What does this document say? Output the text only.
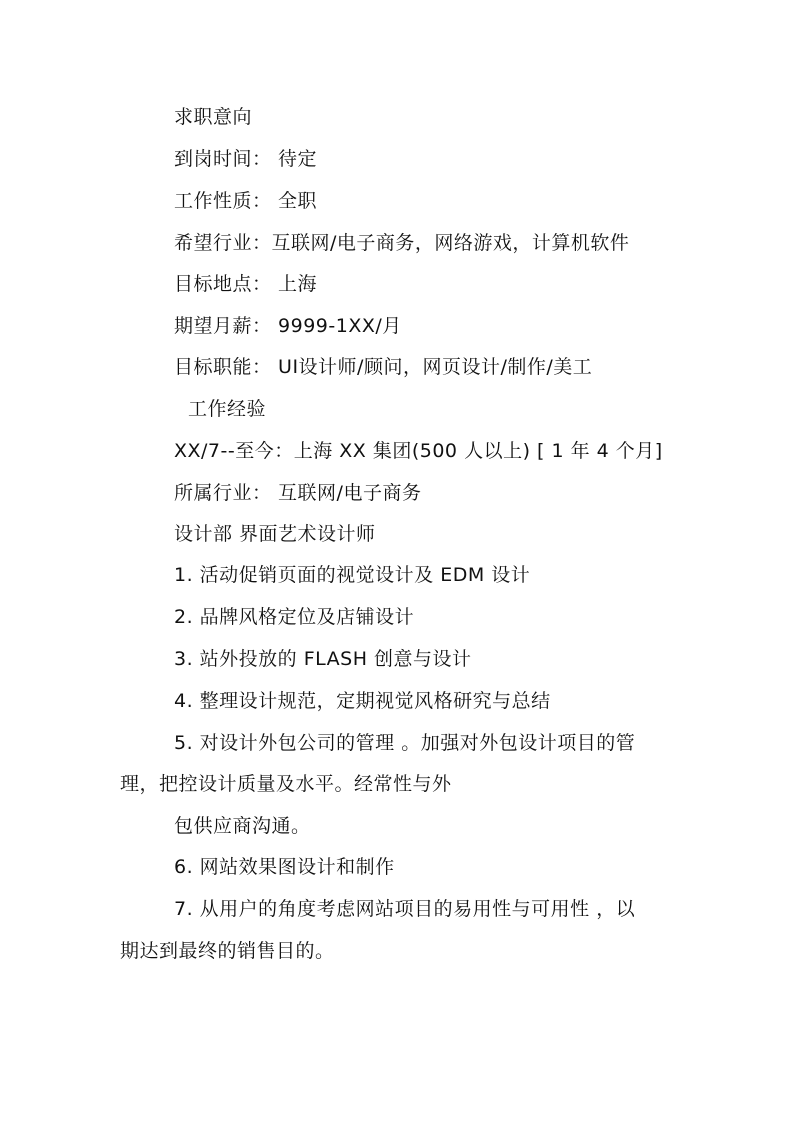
求职意向
到岗时间： 待定
工作性质： 全职
希望行业：互联网/电子商务，网络游戏，计算机软件
目标地点： 上海
期望月薪： 9999-1XX/月
目标职能： UI设计师/顾问，网页设计/制作/美工
工作经验
XX/7--至今：上海 XX 集团(500 人以上) [ 1 年 4 个月]
所属行业： 互联网/电子商务
设计部 界面艺术设计师
1. 活动促销页面的视觉设计及 EDM 设计
2. 品牌风格定位及店铺设计
3. 站外投放的 FLASH 创意与设计
4. 整理设计规范，定期视觉风格研究与总结
5. 对设计外包公司的管理 。加强对外包设计项目的管
理，把控设计质量及水平。经常性与外
包供应商沟通。
6. 网站效果图设计和制作
7. 从用户的角度考虑网站项目的易用性与可用性 ，以
期达到最终的销售目的。
